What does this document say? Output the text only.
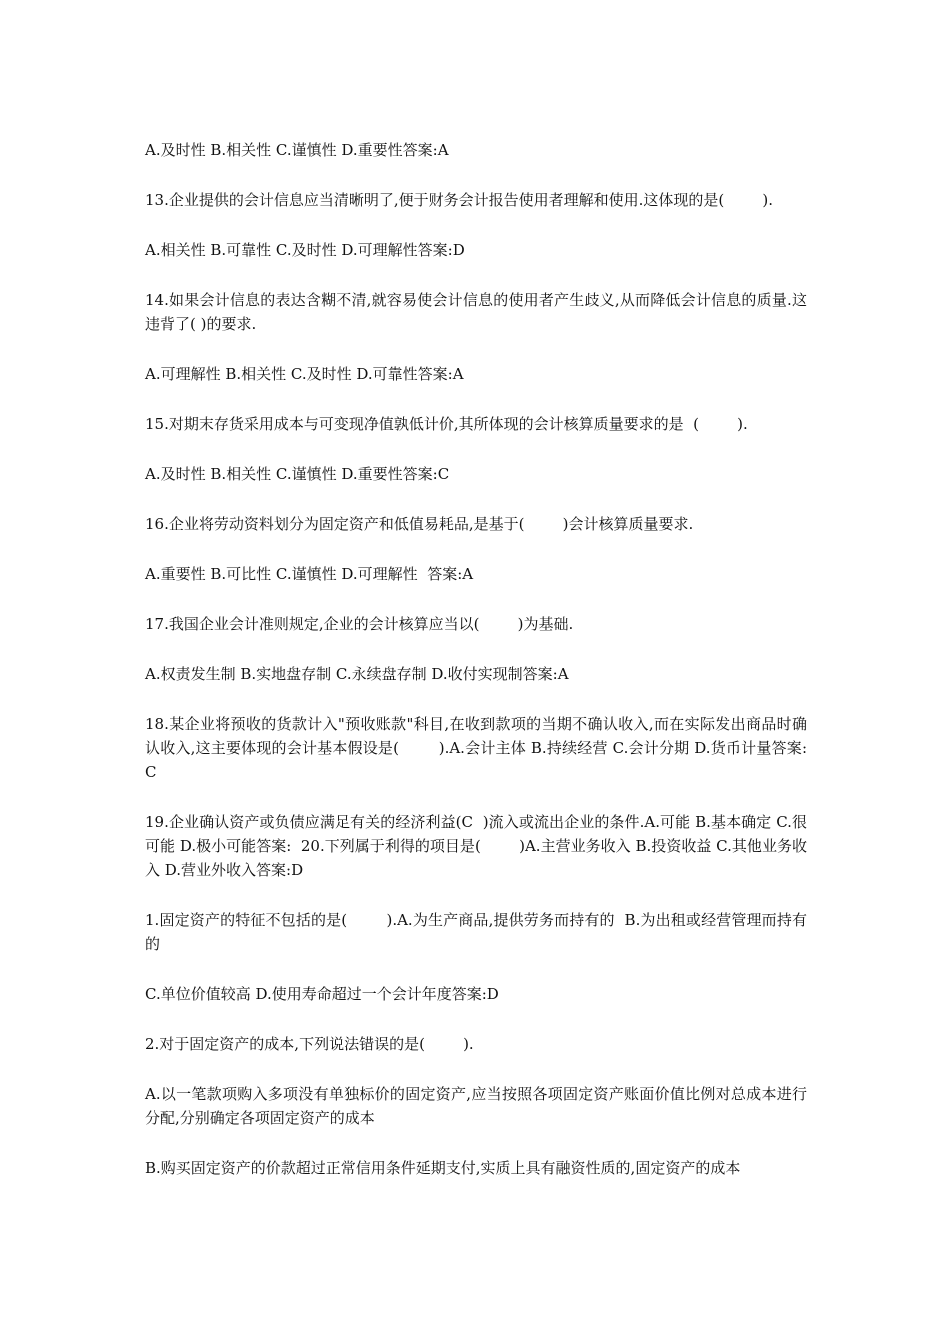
A.及时性 B.相关性 C.谨慎性 D.重要性答案:A

13.企业提供的会计信息应当清晰明了,便于财务会计报告使用者理解和使用.这体现的是(        ).

A.相关性 B.可靠性 C.及时性 D.可理解性答案:D

14.如果会计信息的表达含糊不清,就容易使会计信息的使用者产生歧义,从而降低会计信息的质量.这违背了( )的要求.

A.可理解性 B.相关性 C.及时性 D.可靠性答案:A

15.对期末存货采用成本与可变现净值孰低计价,其所体现的会计核算质量要求的是  (        ).

A.及时性 B.相关性 C.谨慎性 D.重要性答案:C

16.企业将劳动资料划分为固定资产和低值易耗品,是基于(        )会计核算质量要求.

A.重要性 B.可比性 C.谨慎性 D.可理解性  答案:A

17.我国企业会计准则规定,企业的会计核算应当以(        )为基础.

A.权责发生制 B.实地盘存制 C.永续盘存制 D.收付实现制答案:A

18.某企业将预收的货款计入"预收账款"科目,在收到款项的当期不确认收入,而在实际发出商品时确认收入,这主要体现的会计基本假设是(        ).A.会计主体 B.持续经营 C.会计分期 D.货币计量答案:C

19.企业确认资产或负债应满足有关的经济利益(C  )流入或流出企业的条件.A.可能 B.基本确定 C.很可能 D.极小可能答案:  20.下列属于利得的项目是(        )A.主营业务收入 B.投资收益 C.其他业务收入 D.营业外收入答案:D

1.固定资产的特征不包括的是(        ).A.为生产商品,提供劳务而持有的  B.为出租或经营管理而持有的

C.单位价值较高 D.使用寿命超过一个会计年度答案:D

2.对于固定资产的成本,下列说法错误的是(        ).

A.以一笔款项购入多项没有单独标价的固定资产,应当按照各项固定资产账面价值比例对总成本进行分配,分别确定各项固定资产的成本

B.购买固定资产的价款超过正常信用条件延期支付,实质上具有融资性质的,固定资产的成本
